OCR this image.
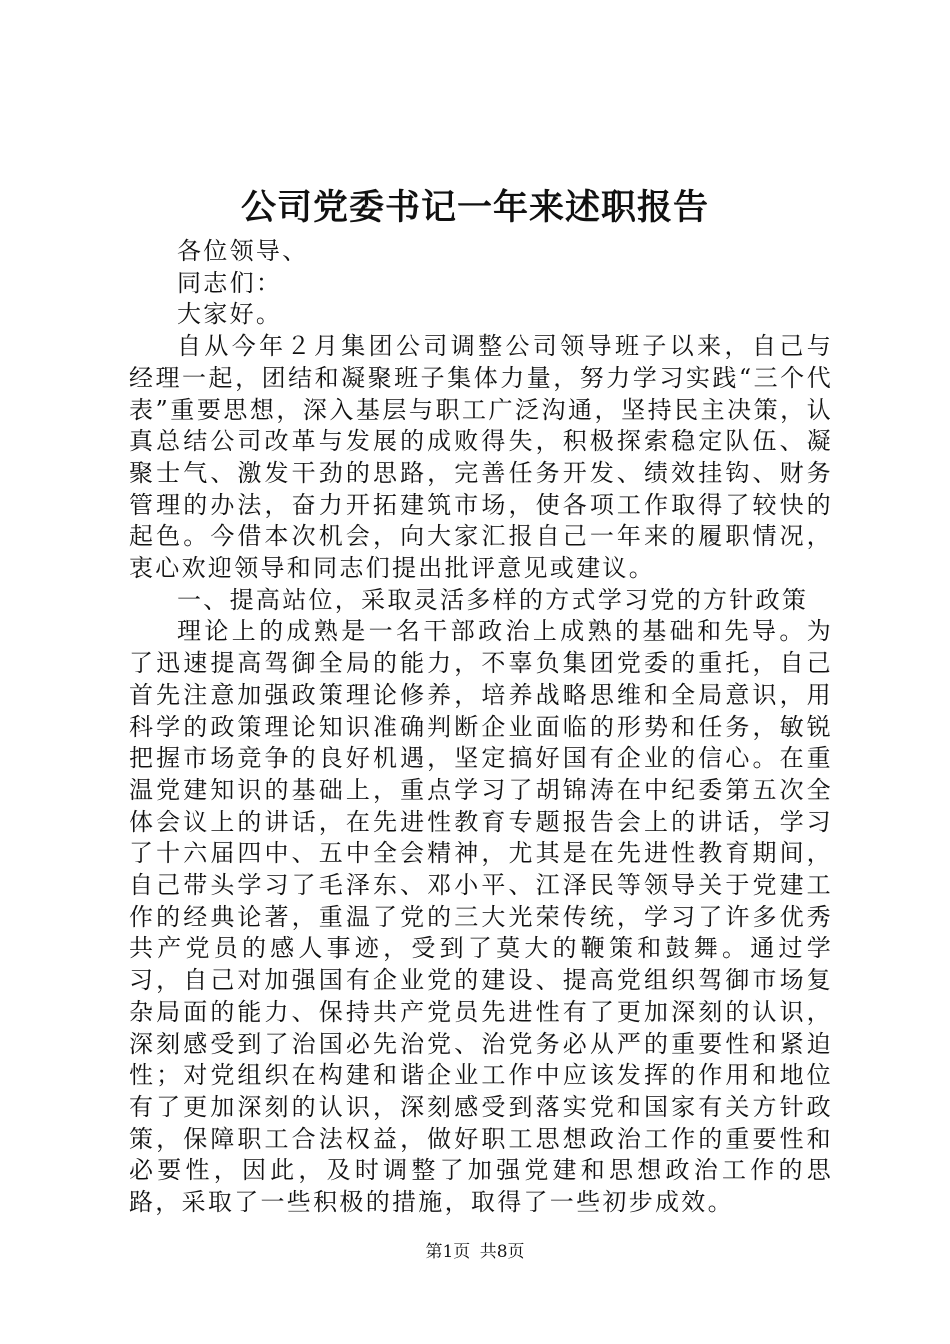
公司党委书记一年来述职报告

各位领导、

同志们：

大家好。

自从今年２月集团公司调整公司领导班子以来，自己与经理一起，团结和凝聚班子集体力量，努力学习实践“三个代表”重要思想，深入基层与职工广泛沟通，坚持民主决策，认真总结公司改革与发展的成败得失，积极探索稳定队伍、凝聚士气、激发干劲的思路，完善任务开发、绩效挂钩、财务管理的办法，奋力开拓建筑市场，使各项工作取得了较快的起色。今借本次机会，向大家汇报自己一年来的履职情况，衷心欢迎领导和同志们提出批评意见或建议。

一、提高站位，采取灵活多样的方式学习党的方针政策

理论上的成熟是一名干部政治上成熟的基础和先导。为了迅速提高驾御全局的能力，不辜负集团党委的重托，自己首先注意加强政策理论修养，培养战略思维和全局意识，用科学的政策理论知识准确判断企业面临的形势和任务，敏锐把握市场竞争的良好机遇，坚定搞好国有企业的信心。在重温党建知识的基础上，重点学习了胡锦涛在中纪委第五次全体会议上的讲话，在先进性教育专题报告会上的讲话，学习了十六届四中、五中全会精神，尤其是在先进性教育期间，自己带头学习了毛泽东、邓小平、江泽民等领导关于党建工作的经典论著，重温了党的三大光荣传统，学习了许多优秀共产党员的感人事迹，受到了莫大的鞭策和鼓舞。通过学习，自己对加强国有企业党的建设、提高党组织驾御市场复杂局面的能力、保持共产党员先进性有了更加深刻的认识，深刻感受到了治国必先治党、治党务必从严的重要性和紧迫性；对党组织在构建和谐企业工作中应该发挥的作用和地位有了更加深刻的认识，深刻感受到落实党和国家有关方针政策，保障职工合法权益，做好职工思想政治工作的重要性和必要性，因此，及时调整了加强党建和思想政治工作的思路，采取了一些积极的措施，取得了一些初步成效。

第1页 共8页
